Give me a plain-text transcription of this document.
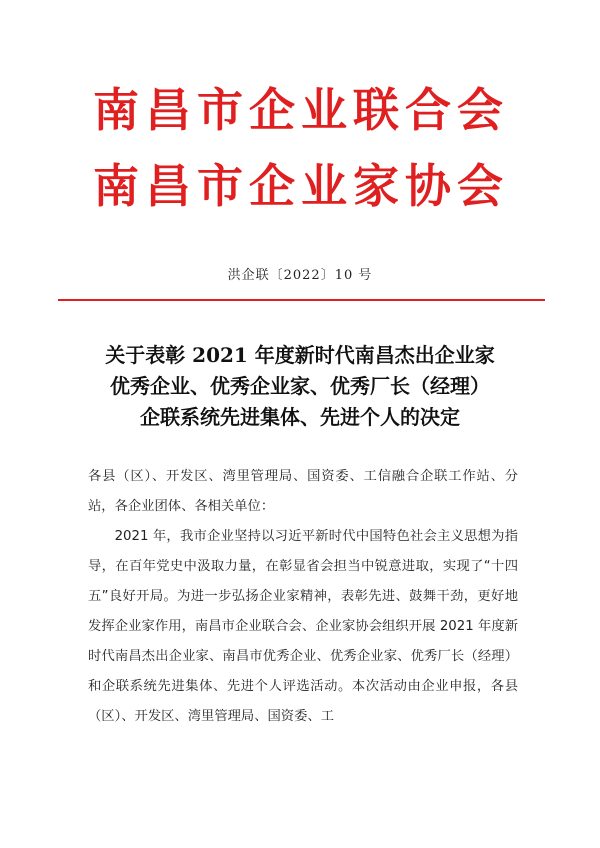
南昌市企业联合会
南昌市企业家协会
洪企联〔2022〕10 号
关于表彰 2021 年度新时代南昌杰出企业家
优秀企业、优秀企业家、优秀厂长（经理）
企联系统先进集体、先进个人的决定

各县（区）、开发区、湾里管理局、国资委、工信融合企联工作站、分站，各企业团体、各相关单位：

2021 年，我市企业坚持以习近平新时代中国特色社会主义思想为指导，在百年党史中汲取力量，在彰显省会担当中锐意进取，实现了“十四五”良好开局。为进一步弘扬企业家精神，表彰先进、鼓舞干劲，更好地发挥企业家作用，南昌市企业联合会、企业家协会组织开展 2021 年度新时代南昌杰出企业家、南昌市优秀企业、优秀企业家、优秀厂长（经理）和企联系统先进集体、先进个人评选活动。本次活动由企业申报，各县（区）、开发区、湾里管理局、国资委、工
